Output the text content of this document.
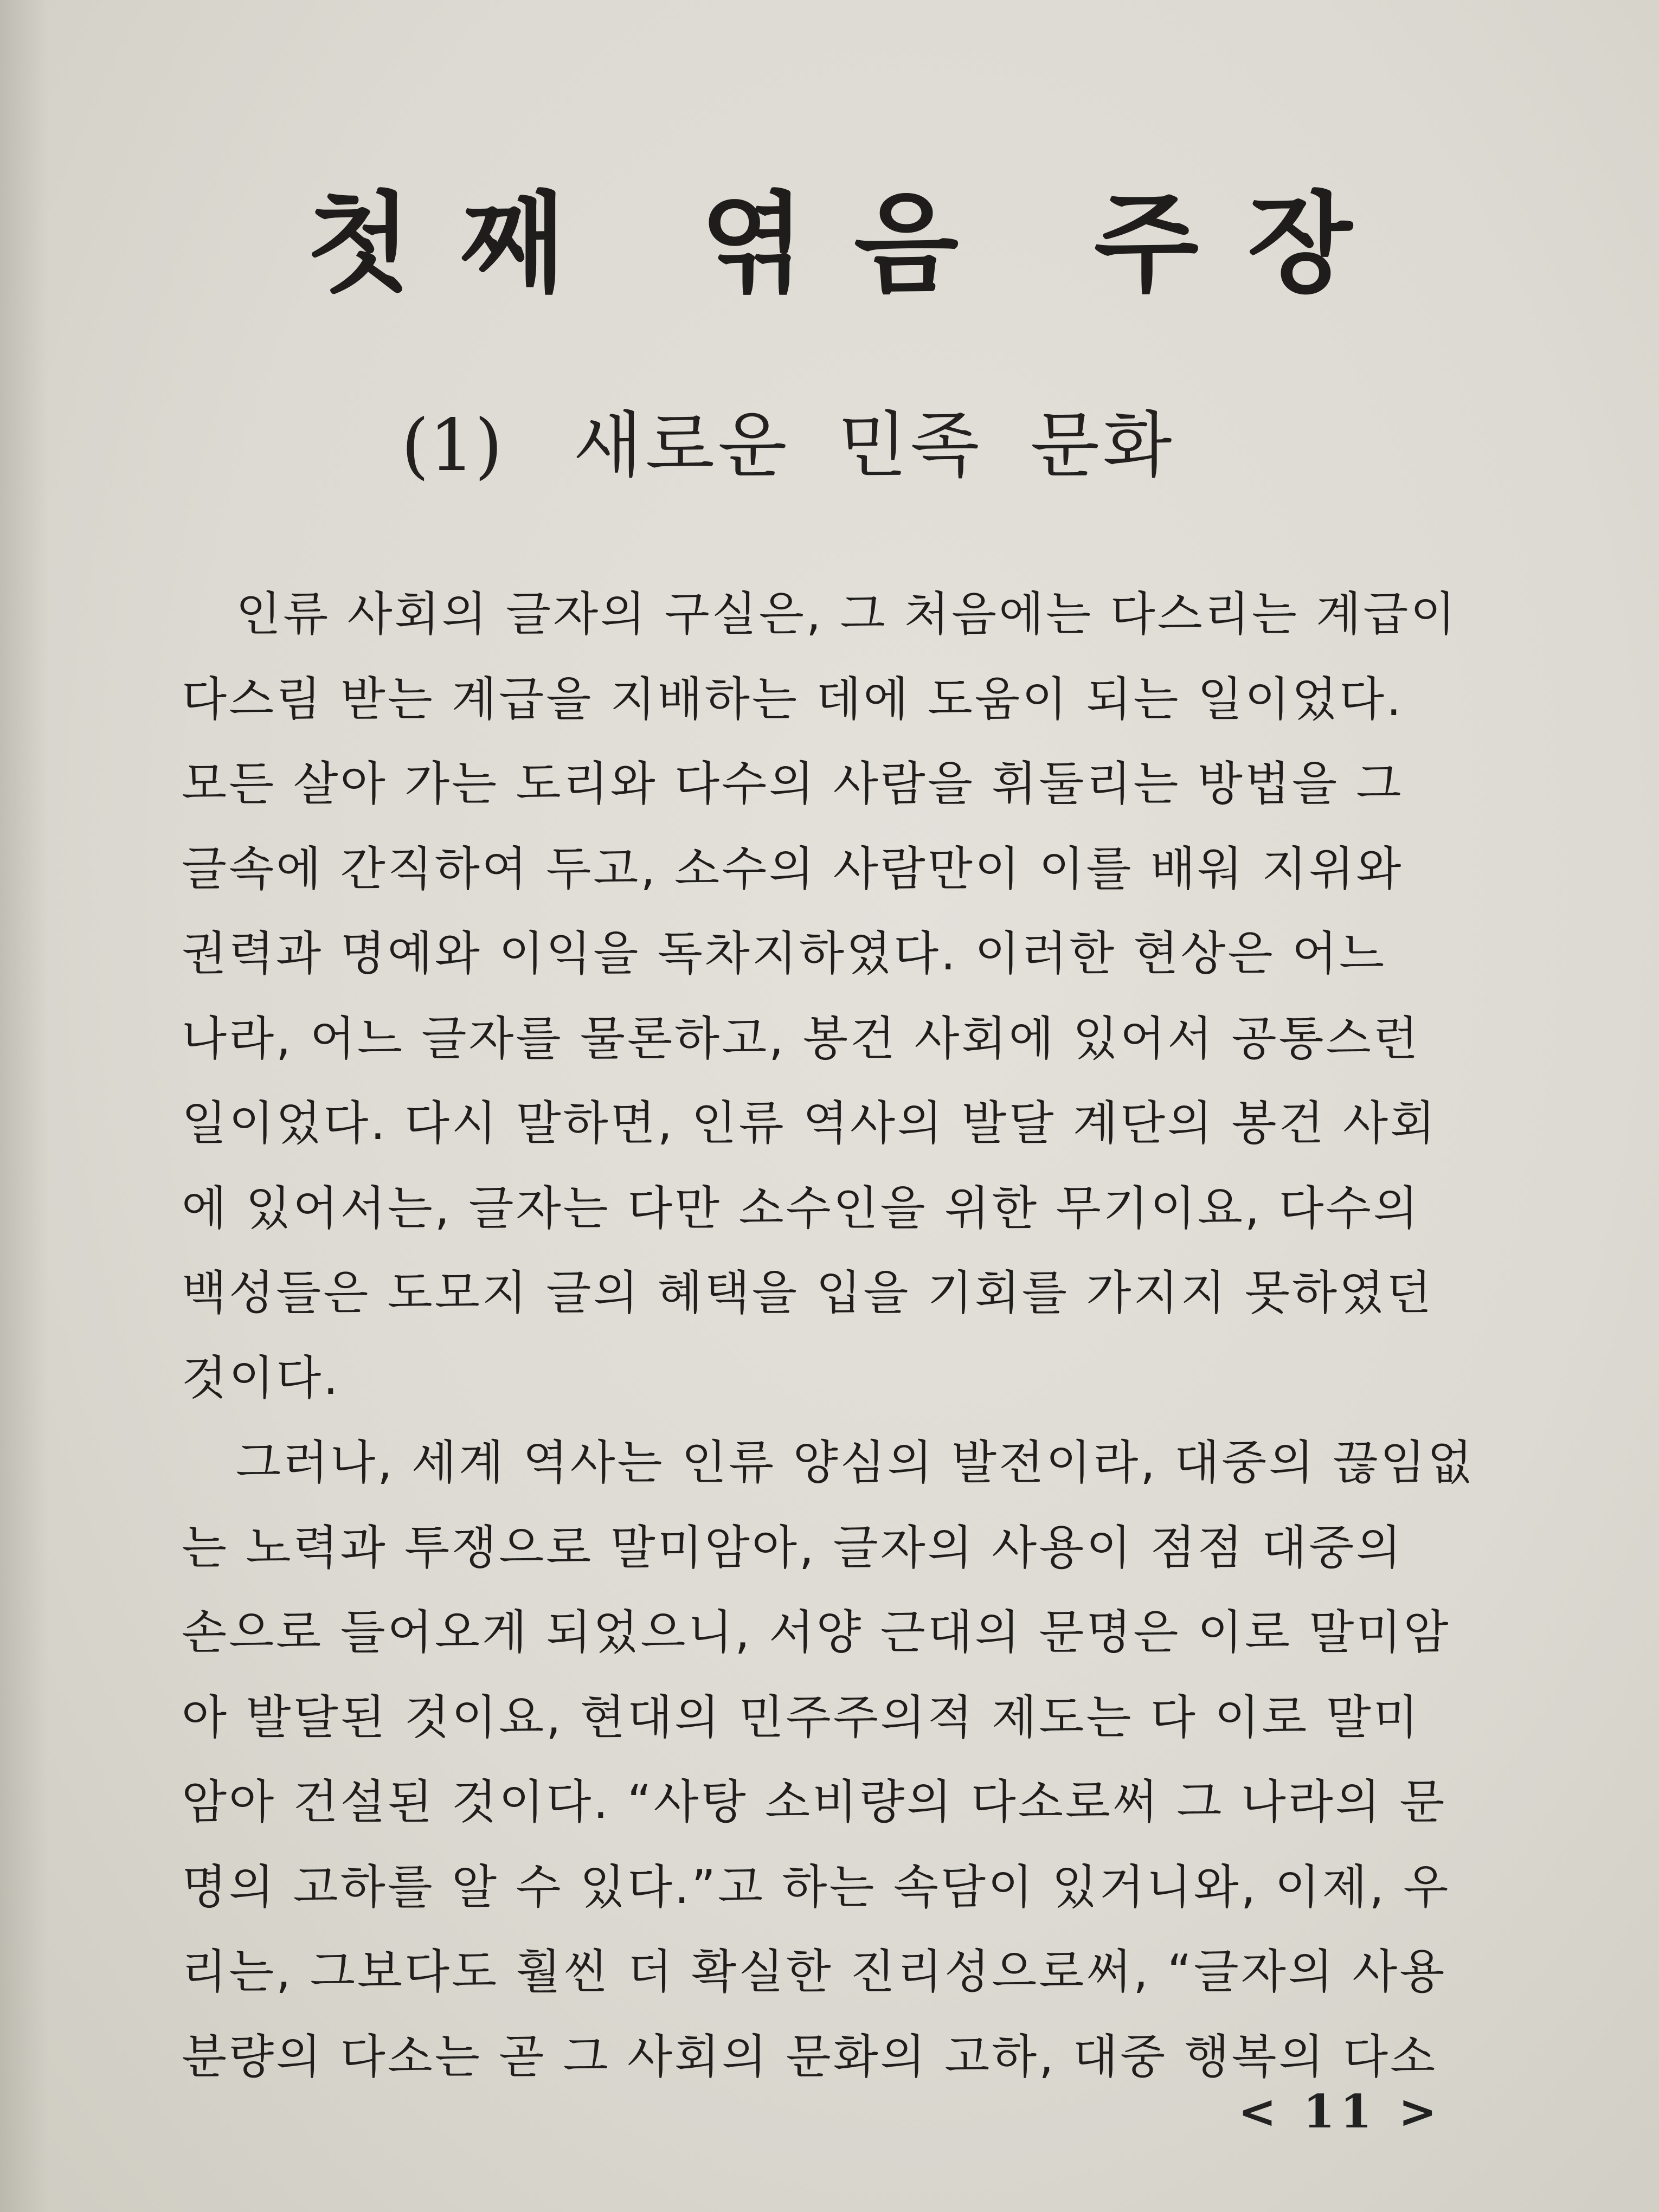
첫째 엮음 주장
(1) 새로운 민족 문화
인류 사회의 글자의 구실은, 그 처음에는 다스리는 계급이
다스림 받는 계급을 지배하는 데에 도움이 되는 일이었다.
모든 살아 가는 도리와 다수의 사람을 휘둘리는 방법을 그
글속에 간직하여 두고, 소수의 사람만이 이를 배워 지위와
권력과 명예와 이익을 독차지하였다. 이러한 현상은 어느
나라, 어느 글자를 물론하고, 봉건 사회에 있어서 공통스런
일이었다. 다시 말하면, 인류 역사의 발달 계단의 봉건 사회
에 있어서는, 글자는 다만 소수인을 위한 무기이요, 다수의
백성들은 도모지 글의 혜택을 입을 기회를 가지지 못하였던
것이다.
그러나, 세계 역사는 인류 양심의 발전이라, 대중의 끊임없
는 노력과 투쟁으로 말미암아, 글자의 사용이 점점 대중의
손으로 들어오게 되었으니, 서양 근대의 문명은 이로 말미암
아 발달된 것이요, 현대의 민주주의적 제도는 다 이로 말미
암아 건설된 것이다. “사탕 소비량의 다소로써 그 나라의 문
명의 고하를 알 수 있다.”고 하는 속담이 있거니와, 이제, 우
리는, 그보다도 훨씬 더 확실한 진리성으로써, “글자의 사용
분량의 다소는 곧 그 사회의 문화의 고하, 대중 행복의 다소
< 11 >
